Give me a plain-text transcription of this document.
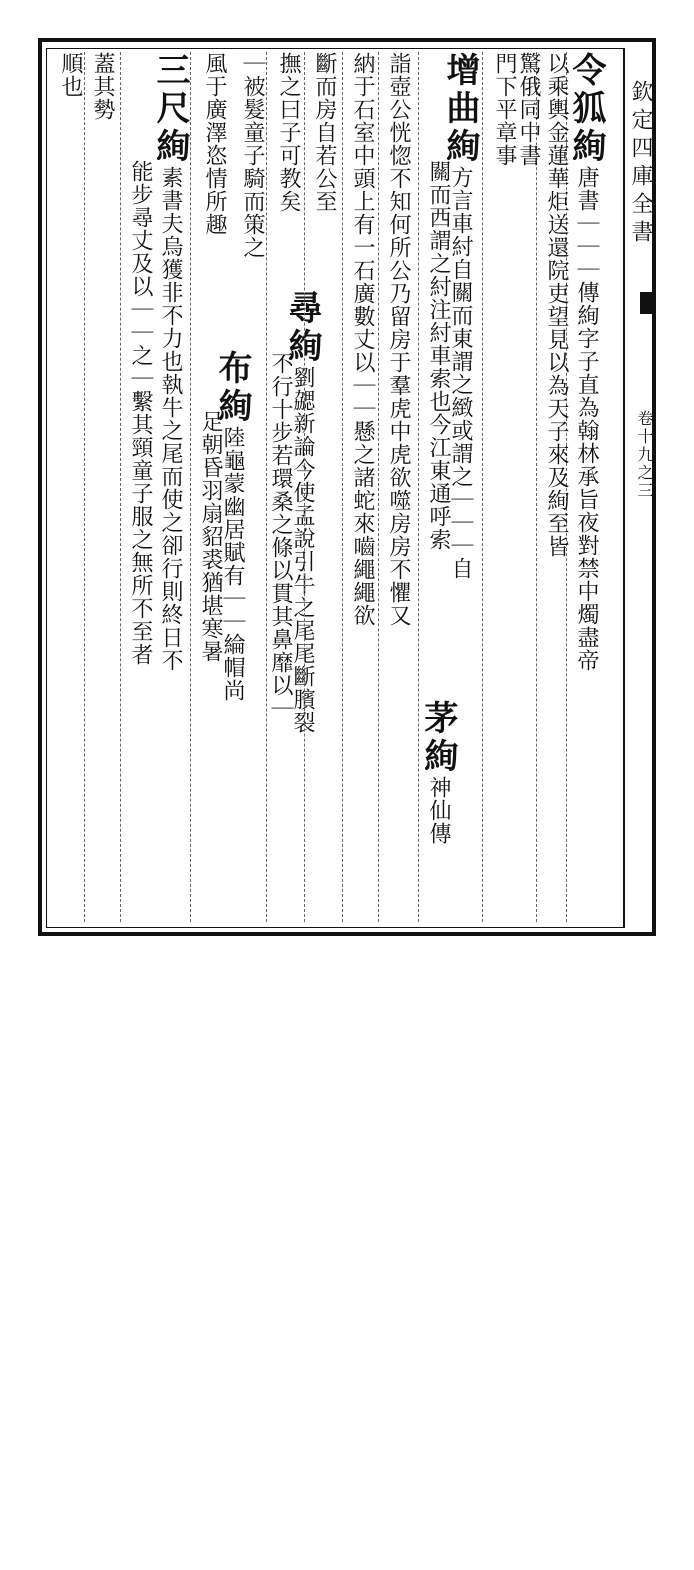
欽定四庫全書
卷十九之三
令狐絢唐書｜｜｜傳絢字子直為翰林承旨夜對禁中燭盡帝
以乘輿金蓮華炬送還院吏望見以為天子來及絢至皆
驚俄同中書
門下平章事
增曲絢方言車紂自關而東謂之緻或謂之｜｜｜自
關而西謂之紂注紂車索也今江東通呼索
茅絢神仙傳
詣壺公恍惚不知何所公乃留房于羣虎中虎欲噬房房不懼又
納于石室中頭上有一石廣數丈以｜｜懸之諸蛇來嚙繩繩欲
斷而房自若公至
尋絢劉勰新論今使孟說引牛之尾尾斷臏裂
撫之曰子可教矣
不行十步若環桑之條以貫其鼻靡以｜
｜被髮童子騎而策之
布絢陸龜蒙幽居賦有｜｜綸帽尚
足朝昏羽扇貂裘猶堪寒暑
風于廣澤恣情所趣
三尺絢素書夫烏獲非不力也執牛之尾而使之卻行則終日不
能步尋丈及以｜｜之｜繫其頸童子服之無所不至者
蓋其勢
順也
